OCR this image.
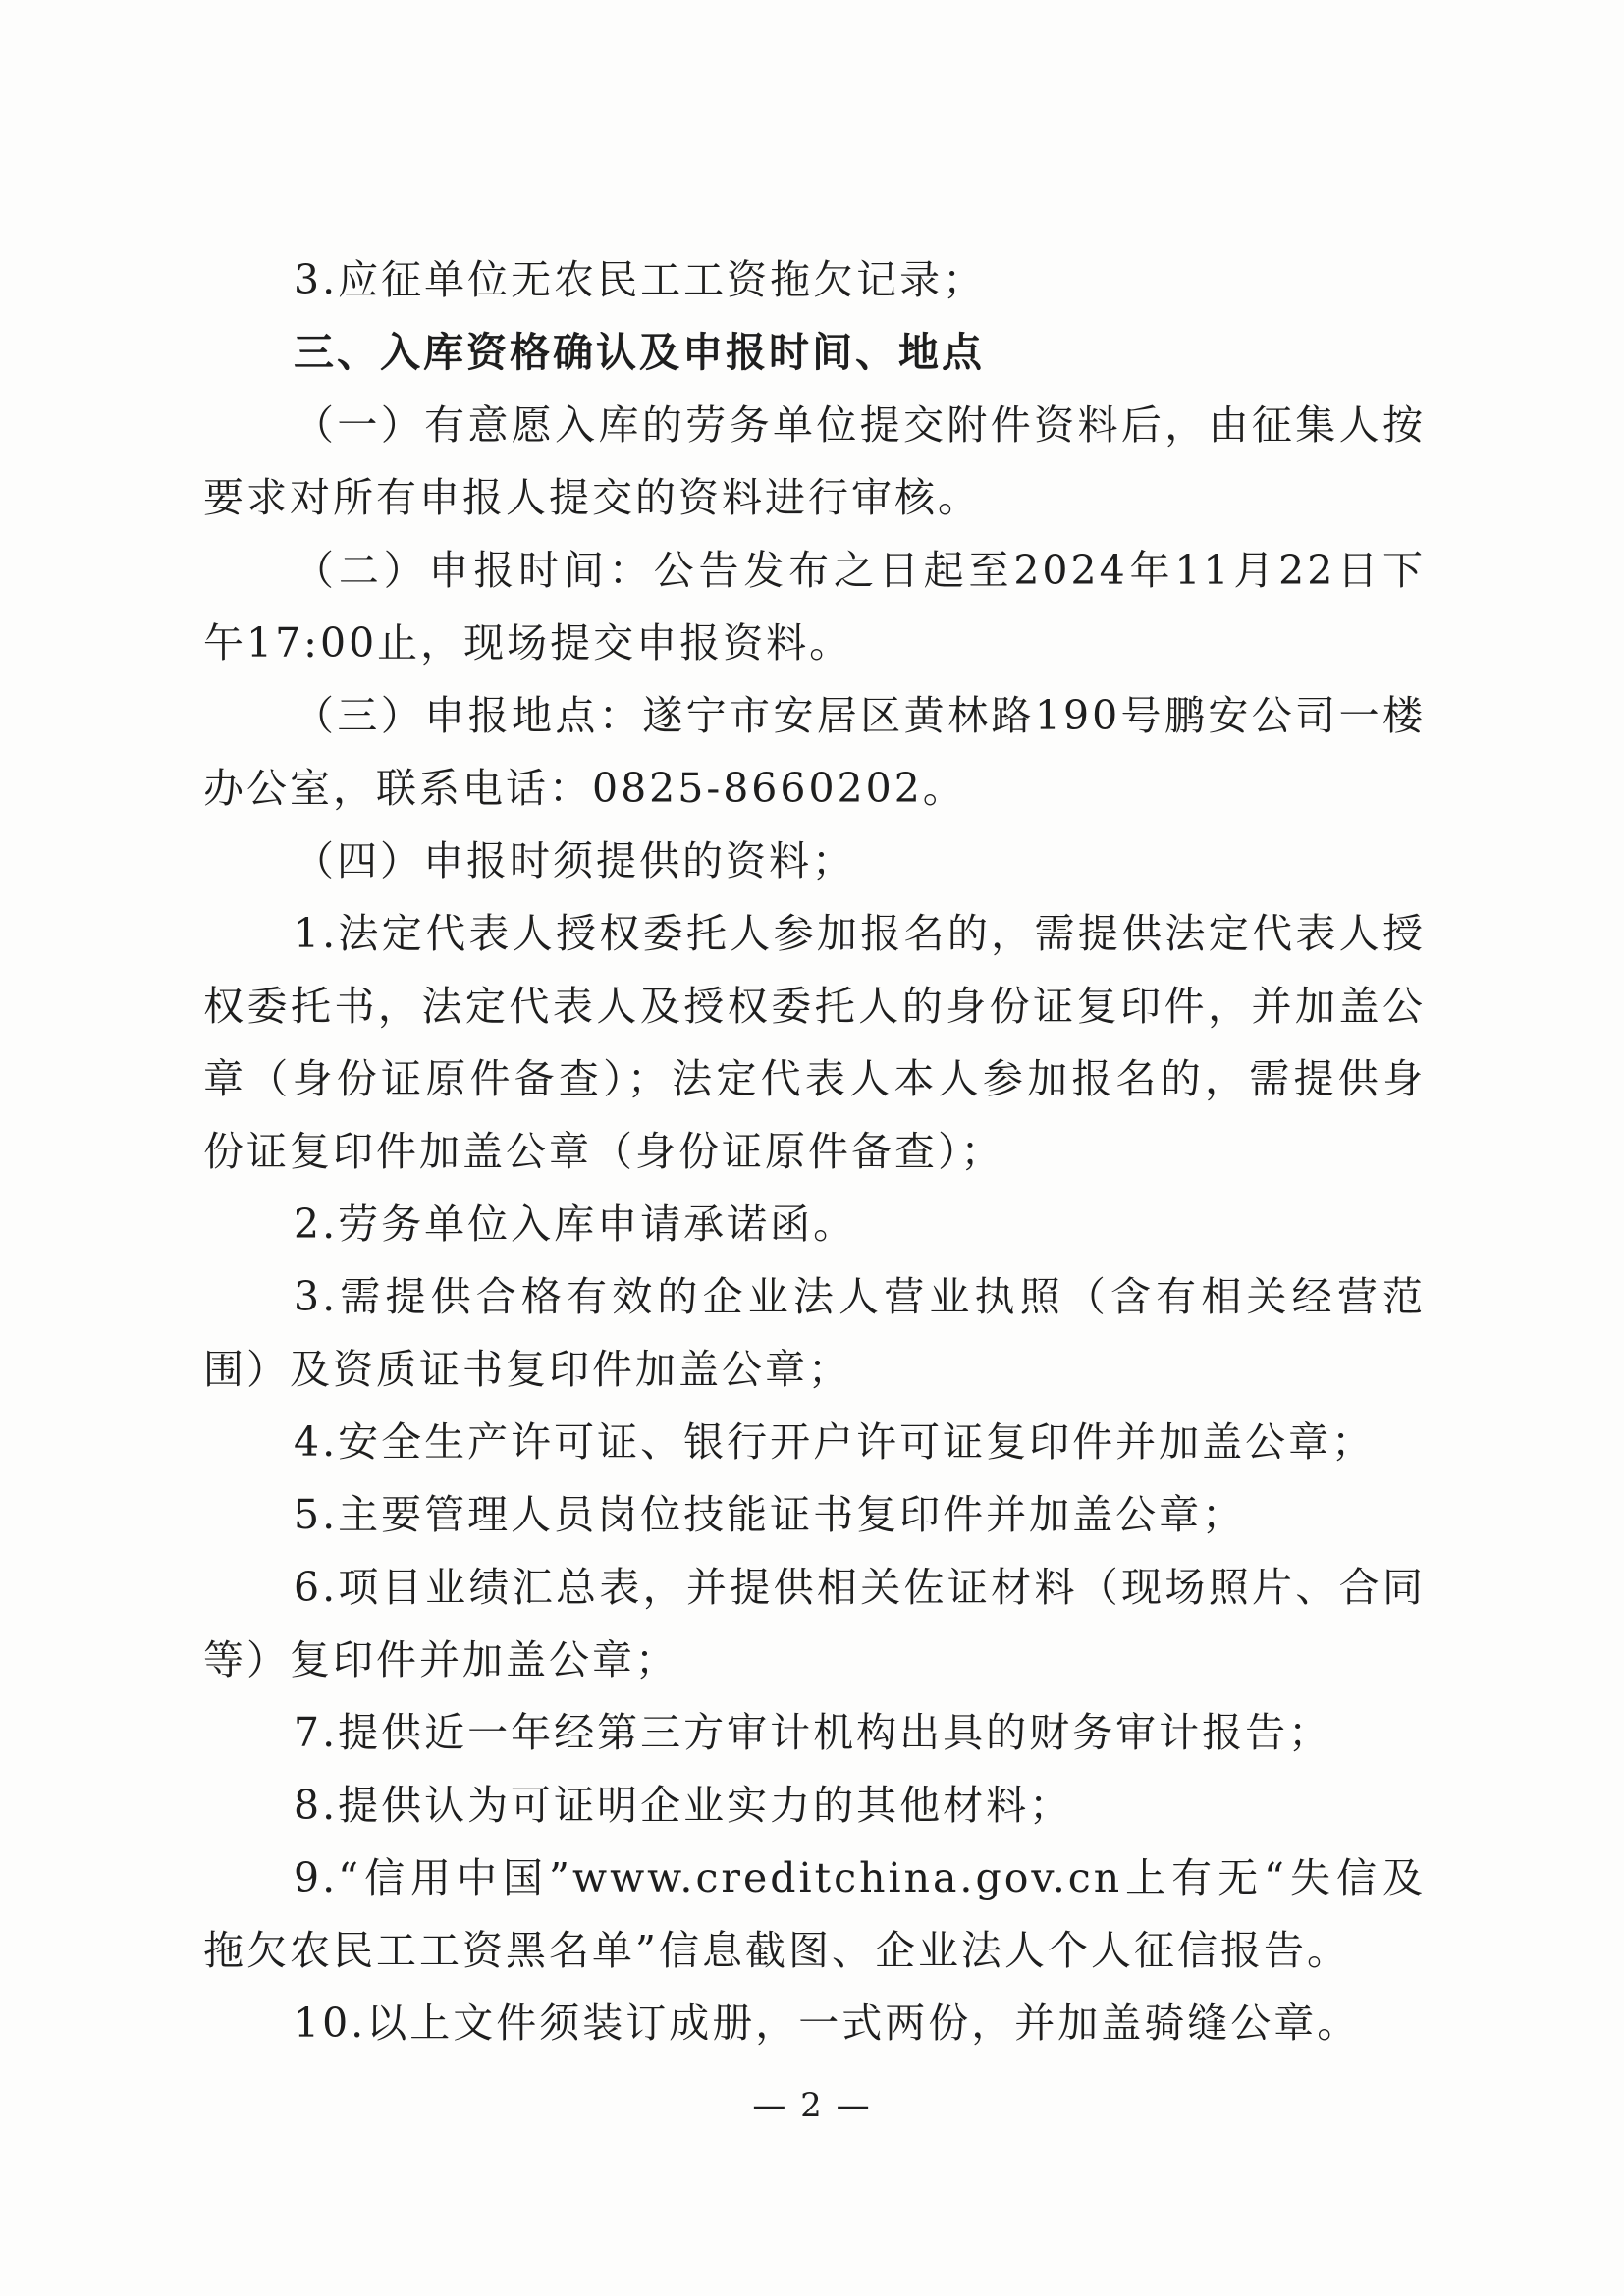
3.应征单位无农民工工资拖欠记录；

三、入库资格确认及申报时间、地点

（一）有意愿入库的劳务单位提交附件资料后，由征集人按要求对所有申报人提交的资料进行审核。

（二）申报时间：公告发布之日起至2024年11月22日下午17:00止，现场提交申报资料。

（三）申报地点：遂宁市安居区黄林路190号鹏安公司一楼办公室，联系电话：0825-8660202。

（四）申报时须提供的资料；

1.法定代表人授权委托人参加报名的，需提供法定代表人授权委托书，法定代表人及授权委托人的身份证复印件，并加盖公章（身份证原件备查）；法定代表人本人参加报名的，需提供身份证复印件加盖公章（身份证原件备查）；

2.劳务单位入库申请承诺函。

3.需提供合格有效的企业法人营业执照（含有相关经营范围）及资质证书复印件加盖公章；

4.安全生产许可证、银行开户许可证复印件并加盖公章；

5.主要管理人员岗位技能证书复印件并加盖公章；

6.项目业绩汇总表，并提供相关佐证材料（现场照片、合同等）复印件并加盖公章；

7.提供近一年经第三方审计机构出具的财务审计报告；

8.提供认为可证明企业实力的其他材料；

9.“信用中国”www.creditchina.gov.cn上有无“失信及拖欠农民工工资黑名单”信息截图、企业法人个人征信报告。

10.以上文件须装订成册，一式两份，并加盖骑缝公章。

— 2 —
